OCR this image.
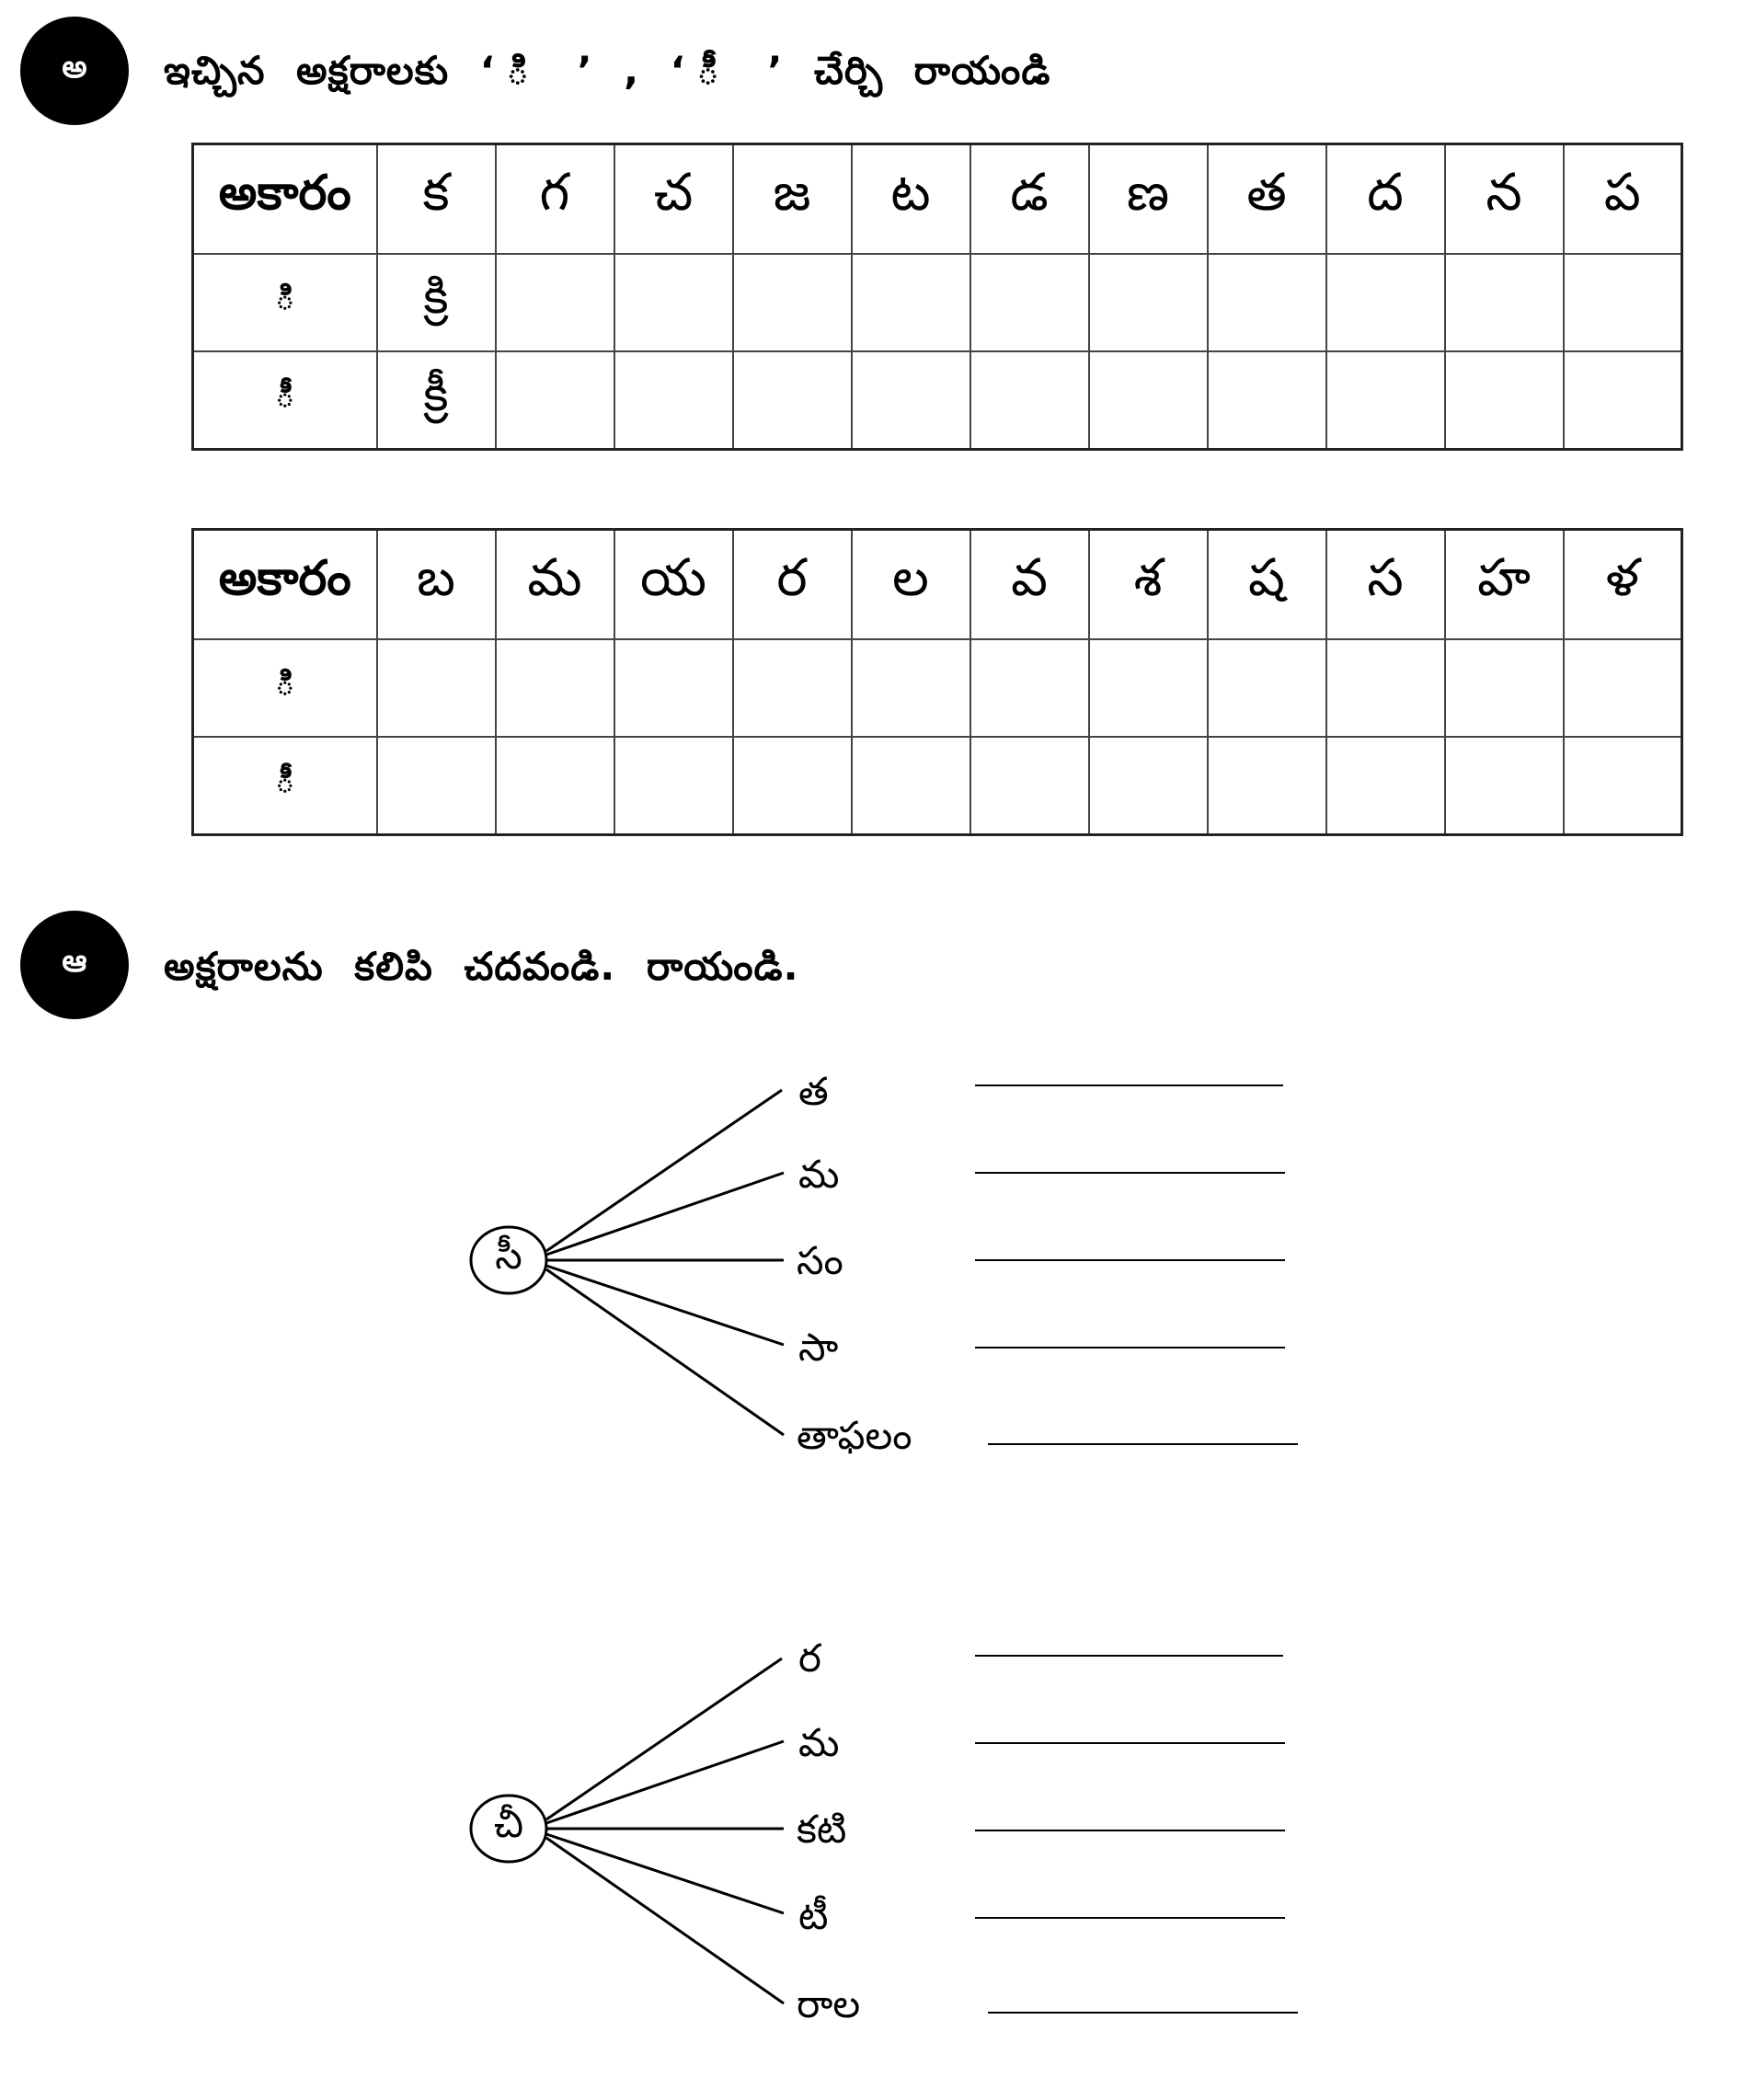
అ ఇచ్చిన అక్షరాలకు ‘ ి ’ , ‘ ీ ’ చేర్చి రాయండి
అకారం	క	గ	చ	జ	ట	డ	ణ	త	ద	న	ప
ి	క్రి										
ీ	క్రీ										
అకారం	బ	మ	య	ర	ల	వ	శ	ష	స	హ	ళ
ి											
ీ											
ఆ అక్షరాలను కలిపి చదవండి. రాయండి.
సీ
త
మ
సం
సా
తాఫలం
చీ
ర
మ
కటి
టీ
రాల
